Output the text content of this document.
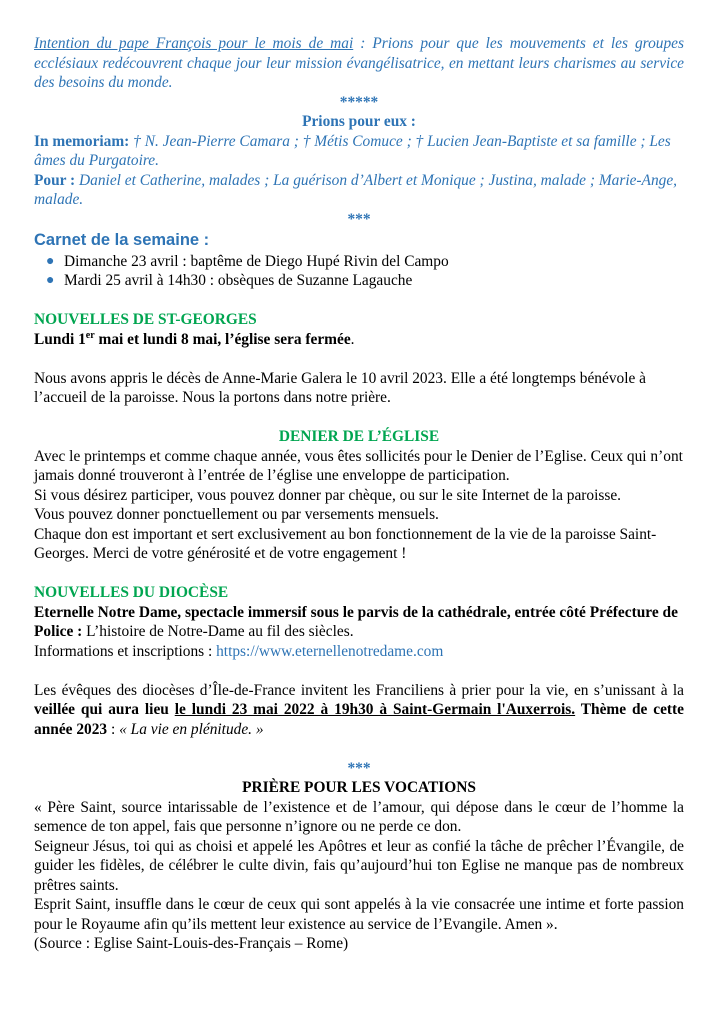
Intention du pape François pour le mois de mai : Prions pour que les mouvements et les groupes ecclésiaux redécouvrent chaque jour leur mission évangélisatrice, en mettant leurs charismes au service des besoins du monde.

*****

Prions pour eux :

In memoriam: † N. Jean-Pierre Camara ; † Métis Comuce ; † Lucien Jean-Baptiste et sa famille ; Les âmes du Purgatoire.

Pour : Daniel et Catherine, malades ; La guérison d’Albert et Monique ; Justina, malade ; Marie-Ange, malade.

***

Carnet de la semaine :

● Dimanche 23 avril : baptême de Diego Hupé Rivin del Campo
● Mardi 25 avril à 14h30 : obsèques de Suzanne Lagauche

NOUVELLES DE ST-GEORGES

Lundi 1er mai et lundi 8 mai, l’église sera fermée.

Nous avons appris le décès de Anne-Marie Galera le 10 avril 2023. Elle a été longtemps bénévole à l’accueil de la paroisse. Nous la portons dans notre prière.

DENIER DE L’ÉGLISE

Avec le printemps et comme chaque année, vous êtes sollicités pour le Denier de l’Eglise. Ceux qui n’ont jamais donné trouveront à l’entrée de l’église une enveloppe de participation.

Si vous désirez participer, vous pouvez donner par chèque, ou sur le site Internet de la paroisse.

Vous pouvez donner ponctuellement ou par versements mensuels.

Chaque don est important et sert exclusivement au bon fonctionnement de la vie de la paroisse Saint-Georges. Merci de votre générosité et de votre engagement !

NOUVELLES DU DIOCÈSE

Eternelle Notre Dame, spectacle immersif sous le parvis de la cathédrale, entrée côté Préfecture de Police : L’histoire de Notre-Dame au fil des siècles.

Informations et inscriptions : https://www.eternellenotredame.com

Les évêques des diocèses d’Île-de-France invitent les Franciliens à prier pour la vie, en s’unissant à la veillée qui aura lieu le lundi 23 mai 2022 à 19h30 à Saint-Germain l'Auxerrois. Thème de cette année 2023 : « La vie en plénitude. »

***

PRIÈRE POUR LES VOCATIONS

« Père Saint, source intarissable de l’existence et de l’amour, qui dépose dans le cœur de l’homme la semence de ton appel, fais que personne n’ignore ou ne perde ce don.

Seigneur Jésus, toi qui as choisi et appelé les Apôtres et leur as confié la tâche de prêcher l’Évangile, de guider les fidèles, de célébrer le culte divin, fais qu’aujourd’hui ton Eglise ne manque pas de nombreux prêtres saints.

Esprit Saint, insuffle dans le cœur de ceux qui sont appelés à la vie consacrée une intime et forte passion pour le Royaume afin qu’ils mettent leur existence au service de l’Evangile. Amen ».

(Source : Eglise Saint-Louis-des-Français – Rome)
